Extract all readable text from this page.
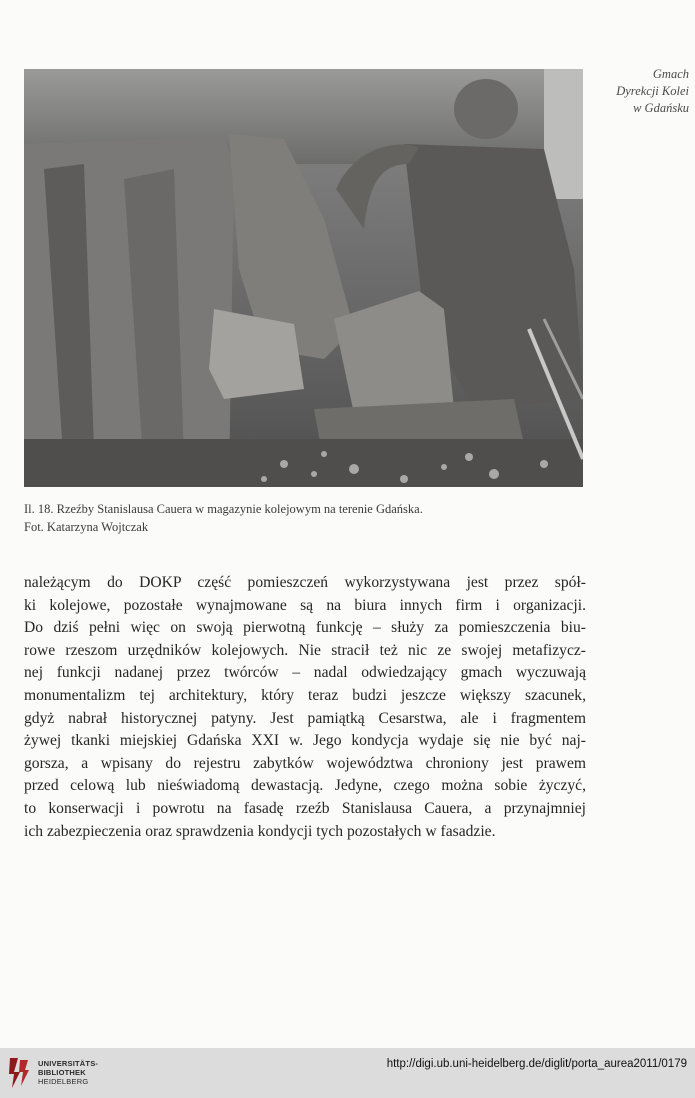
Gmach
Dyrekcji Kolei
w Gdańsku
Il. 18. Rzeźby Stanislausa Cauera w magazynie kolejowym na terenie Gdańska.
Fot. Katarzyna Wojtczak
należącym do DOKP część pomieszczeń wykorzystywana jest przez spół-
ki kolejowe, pozostałe wynajmowane są na biura innych firm i organizacji.
Do dziś pełni więc on swoją pierwotną funkcję – służy za pomieszczenia biu-
rowe rzeszom urzędników kolejowych. Nie stracił też nic ze swojej metafizycz-
nej funkcji nadanej przez twórców – nadal odwiedzający gmach wyczuwają
monumentalizm tej architektury, który teraz budzi jeszcze większy szacunek,
gdyż nabrał historycznej patyny. Jest pamiątką Cesarstwa, ale i fragmentem
żywej tkanki miejskiej Gdańska XXI w. Jego kondycja wydaje się nie być naj-
gorsza, a wpisany do rejestru zabytków województwa chroniony jest prawem
przed celową lub nieświadomą dewastacją. Jedyne, czego można sobie życzyć,
to konserwacji i powrotu na fasadę rzeźb Stanislausa Cauera, a przynajmniej
ich zabezpieczenia oraz sprawdzenia kondycji tych pozostałych w fasadzie.
UNIVERSITÄTS-
BIBLIOTHEK
HEIDELBERG
http://digi.ub.uni-heidelberg.de/diglit/porta_aurea2011/0179
